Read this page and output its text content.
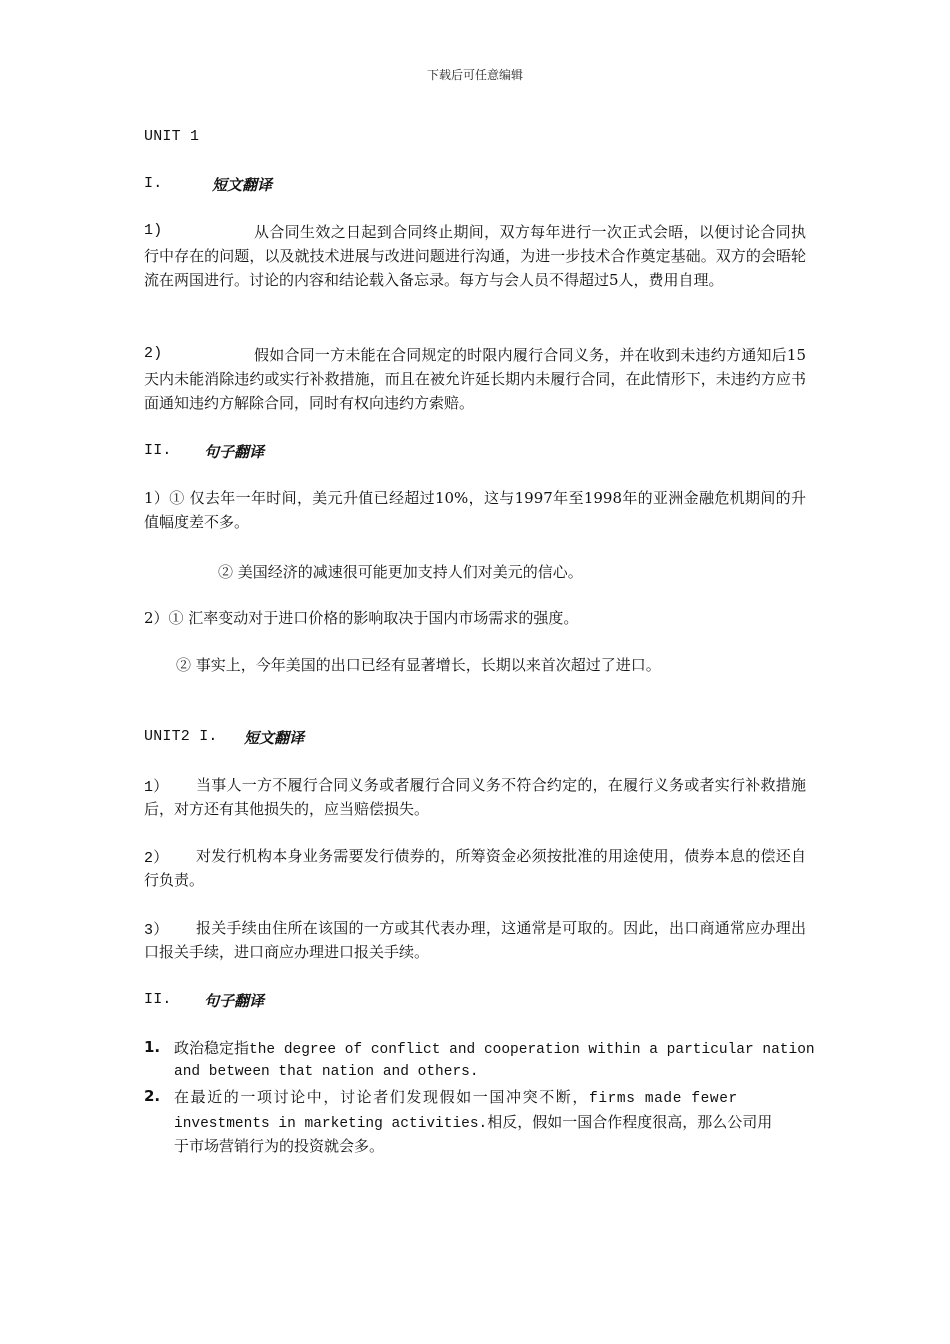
下载后可任意编辑
UNIT 1
I.	短文翻译
1)	从合同生效之日起到合同终止期间，双方每年进行一次正式会晤，以便讨论合同执行中存在的问题，以及就技术进展与改进问题进行沟通，为进一步技术合作奠定基础。双方的会晤轮流在两国进行。讨论的内容和结论载入备忘录。每方与会人员不得超过5人，费用自理。
2)	假如合同一方未能在合同规定的时限内履行合同义务，并在收到未违约方通知后15天内未能消除违约或实行补救措施，而且在被允许延长期内未履行合同，在此情形下，未违约方应书面通知违约方解除合同，同时有权向违约方索赔。
II. 句子翻译
1）① 仅去年一年时间，美元升值已经超过10%，这与1997年至1998年的亚洲金融危机期间的升值幅度差不多。
② 美国经济的减速很可能更加支持人们对美元的信心。
2）① 汇率变动对于进口价格的影响取决于国内市场需求的强度。
② 事实上，今年美国的出口已经有显著增长，长期以来首次超过了进口。
UNIT2 I. 短文翻译
1）	当事人一方不履行合同义务或者履行合同义务不符合约定的，在履行义务或者实行补救措施后，对方还有其他损失的，应当赔偿损失。
2）	对发行机构本身业务需要发行债券的，所筹资金必须按批准的用途使用，债券本息的偿还自行负责。
3）	报关手续由住所在该国的一方或其代表办理，这通常是可取的。因此，出口商通常应办理出口报关手续，进口商应办理进口报关手续。
II. 句子翻译
1. 政治稳定指the degree of conflict and cooperation within a particular nation
and between that nation and others.
2. 在最近的一项讨论中，讨论者们发现假如一国冲突不断，firms made fewer
investments in marketing activities.相反，假如一国合作程度很高，那么公司用
于市场营销行为的投资就会多。
